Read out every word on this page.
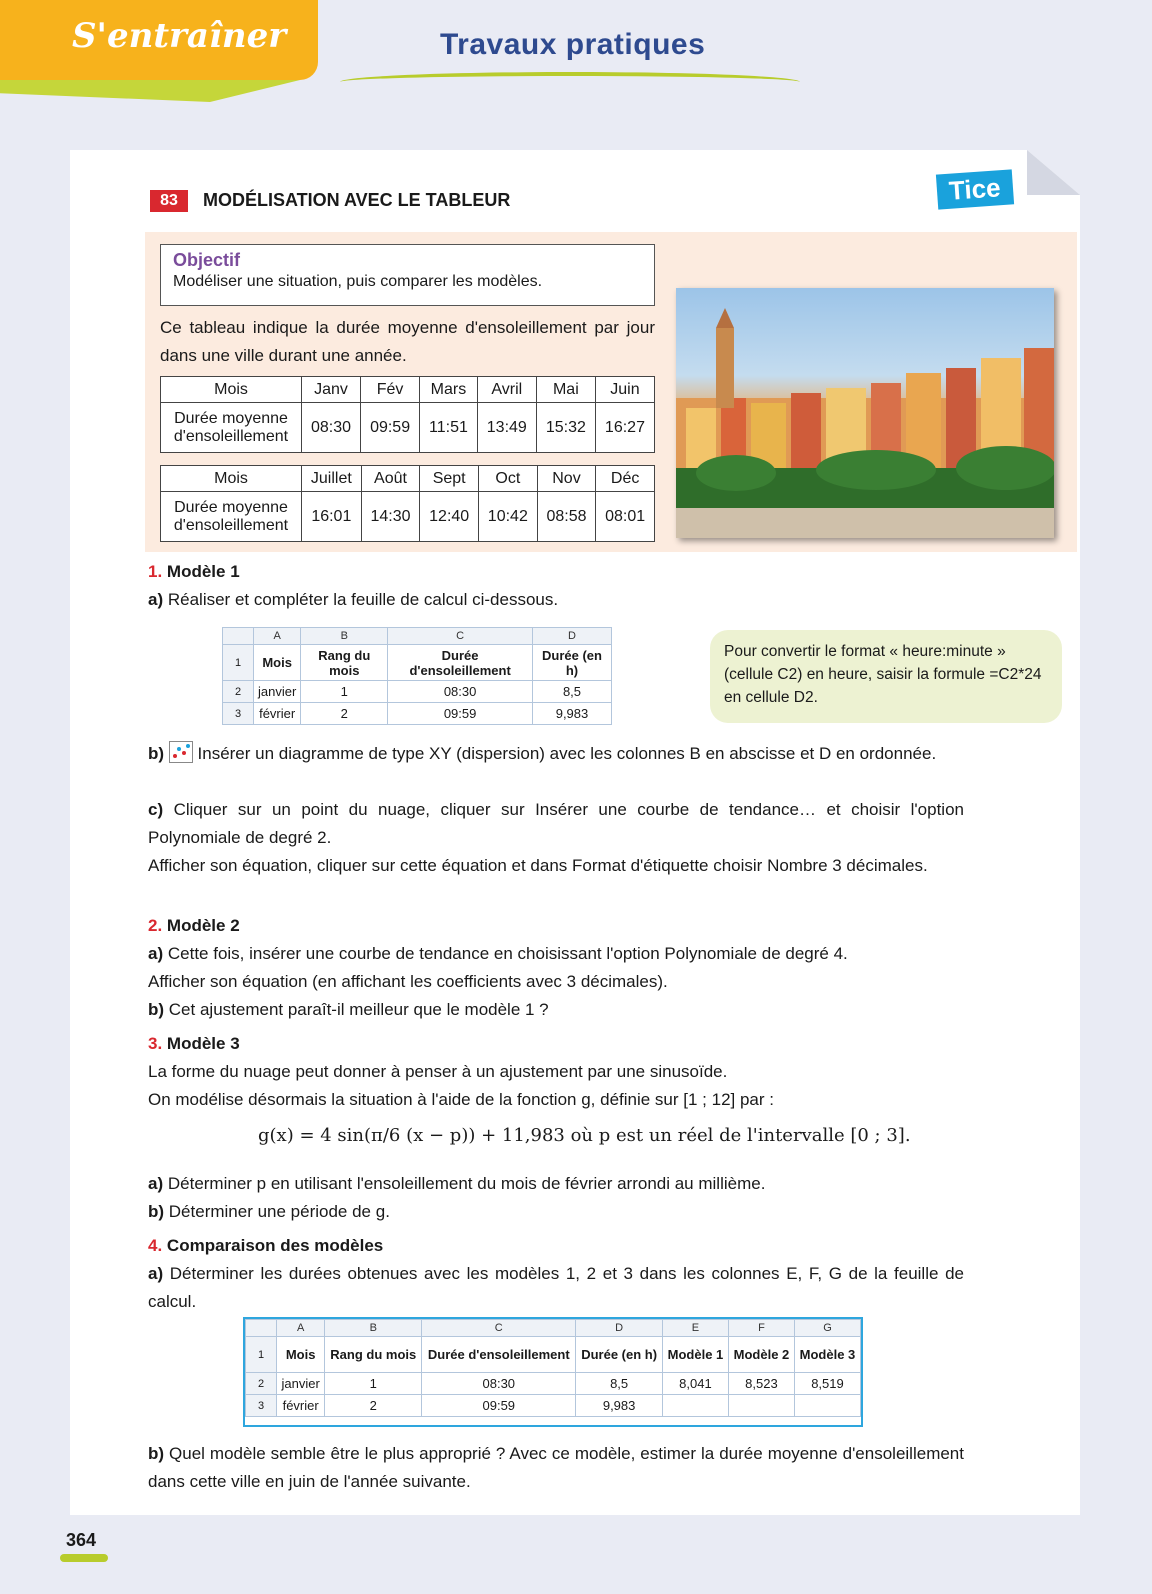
S'entraîner	Travaux pratiques
83	MODÉLISATION AVEC LE TABLEUR	Tice
Objectif
Modéliser une situation, puis comparer les modèles.
Ce tableau indique la durée moyenne d'ensoleillement par jour dans une ville durant une année.
Mois	Janv	Fév	Mars	Avril	Mai	Juin
Durée moyenne d'ensoleillement	08:30	09:59	11:51	13:49	15:32	16:27
Mois	Juillet	Août	Sept	Oct	Nov	Déc
Durée moyenne d'ensoleillement	16:01	14:30	12:40	10:42	08:58	08:01
1. Modèle 1
a) Réaliser et compléter la feuille de calcul ci-dessous.
	A	B	C	D
1	Mois	Rang du mois	Durée d'ensoleillement	Durée (en h)
2	janvier	1	08:30	8,5
3	février	2	09:59	9,983
Pour convertir le format « heure:minute » (cellule C2) en heure, saisir la formule =C2*24 en cellule D2.
b) Insérer un diagramme de type XY (dispersion) avec les colonnes B en abscisse et D en ordonnée.
c) Cliquer sur un point du nuage, cliquer sur Insérer une courbe de tendance… et choisir l'option Polynomiale de degré 2.
Afficher son équation, cliquer sur cette équation et dans Format d'étiquette choisir Nombre 3 décimales.
2. Modèle 2
a) Cette fois, insérer une courbe de tendance en choisissant l'option Polynomiale de degré 4.
Afficher son équation (en affichant les coefficients avec 3 décimales).
b) Cet ajustement paraît-il meilleur que le modèle 1 ?
3. Modèle 3
La forme du nuage peut donner à penser à un ajustement par une sinusoïde.
On modélise désormais la situation à l'aide de la fonction g, définie sur [1 ; 12] par :
g(x) = 4 sin(π/6 (x − p)) + 11,983 où p est un réel de l'intervalle [0 ; 3].
a) Déterminer p en utilisant l'ensoleillement du mois de février arrondi au millième.
b) Déterminer une période de g.
4. Comparaison des modèles
a) Déterminer les durées obtenues avec les modèles 1, 2 et 3 dans les colonnes E, F, G de la feuille de calcul.
	A	B	C	D	E	F	G
1	Mois	Rang du mois	Durée d'ensoleillement	Durée (en h)	Modèle 1	Modèle 2	Modèle 3
2	janvier	1	08:30	8,5	8,041	8,523	8,519
3	février	2	09:59	9,983			
b) Quel modèle semble être le plus approprié ? Avec ce modèle, estimer la durée moyenne d'ensoleillement dans cette ville en juin de l'année suivante.
364
